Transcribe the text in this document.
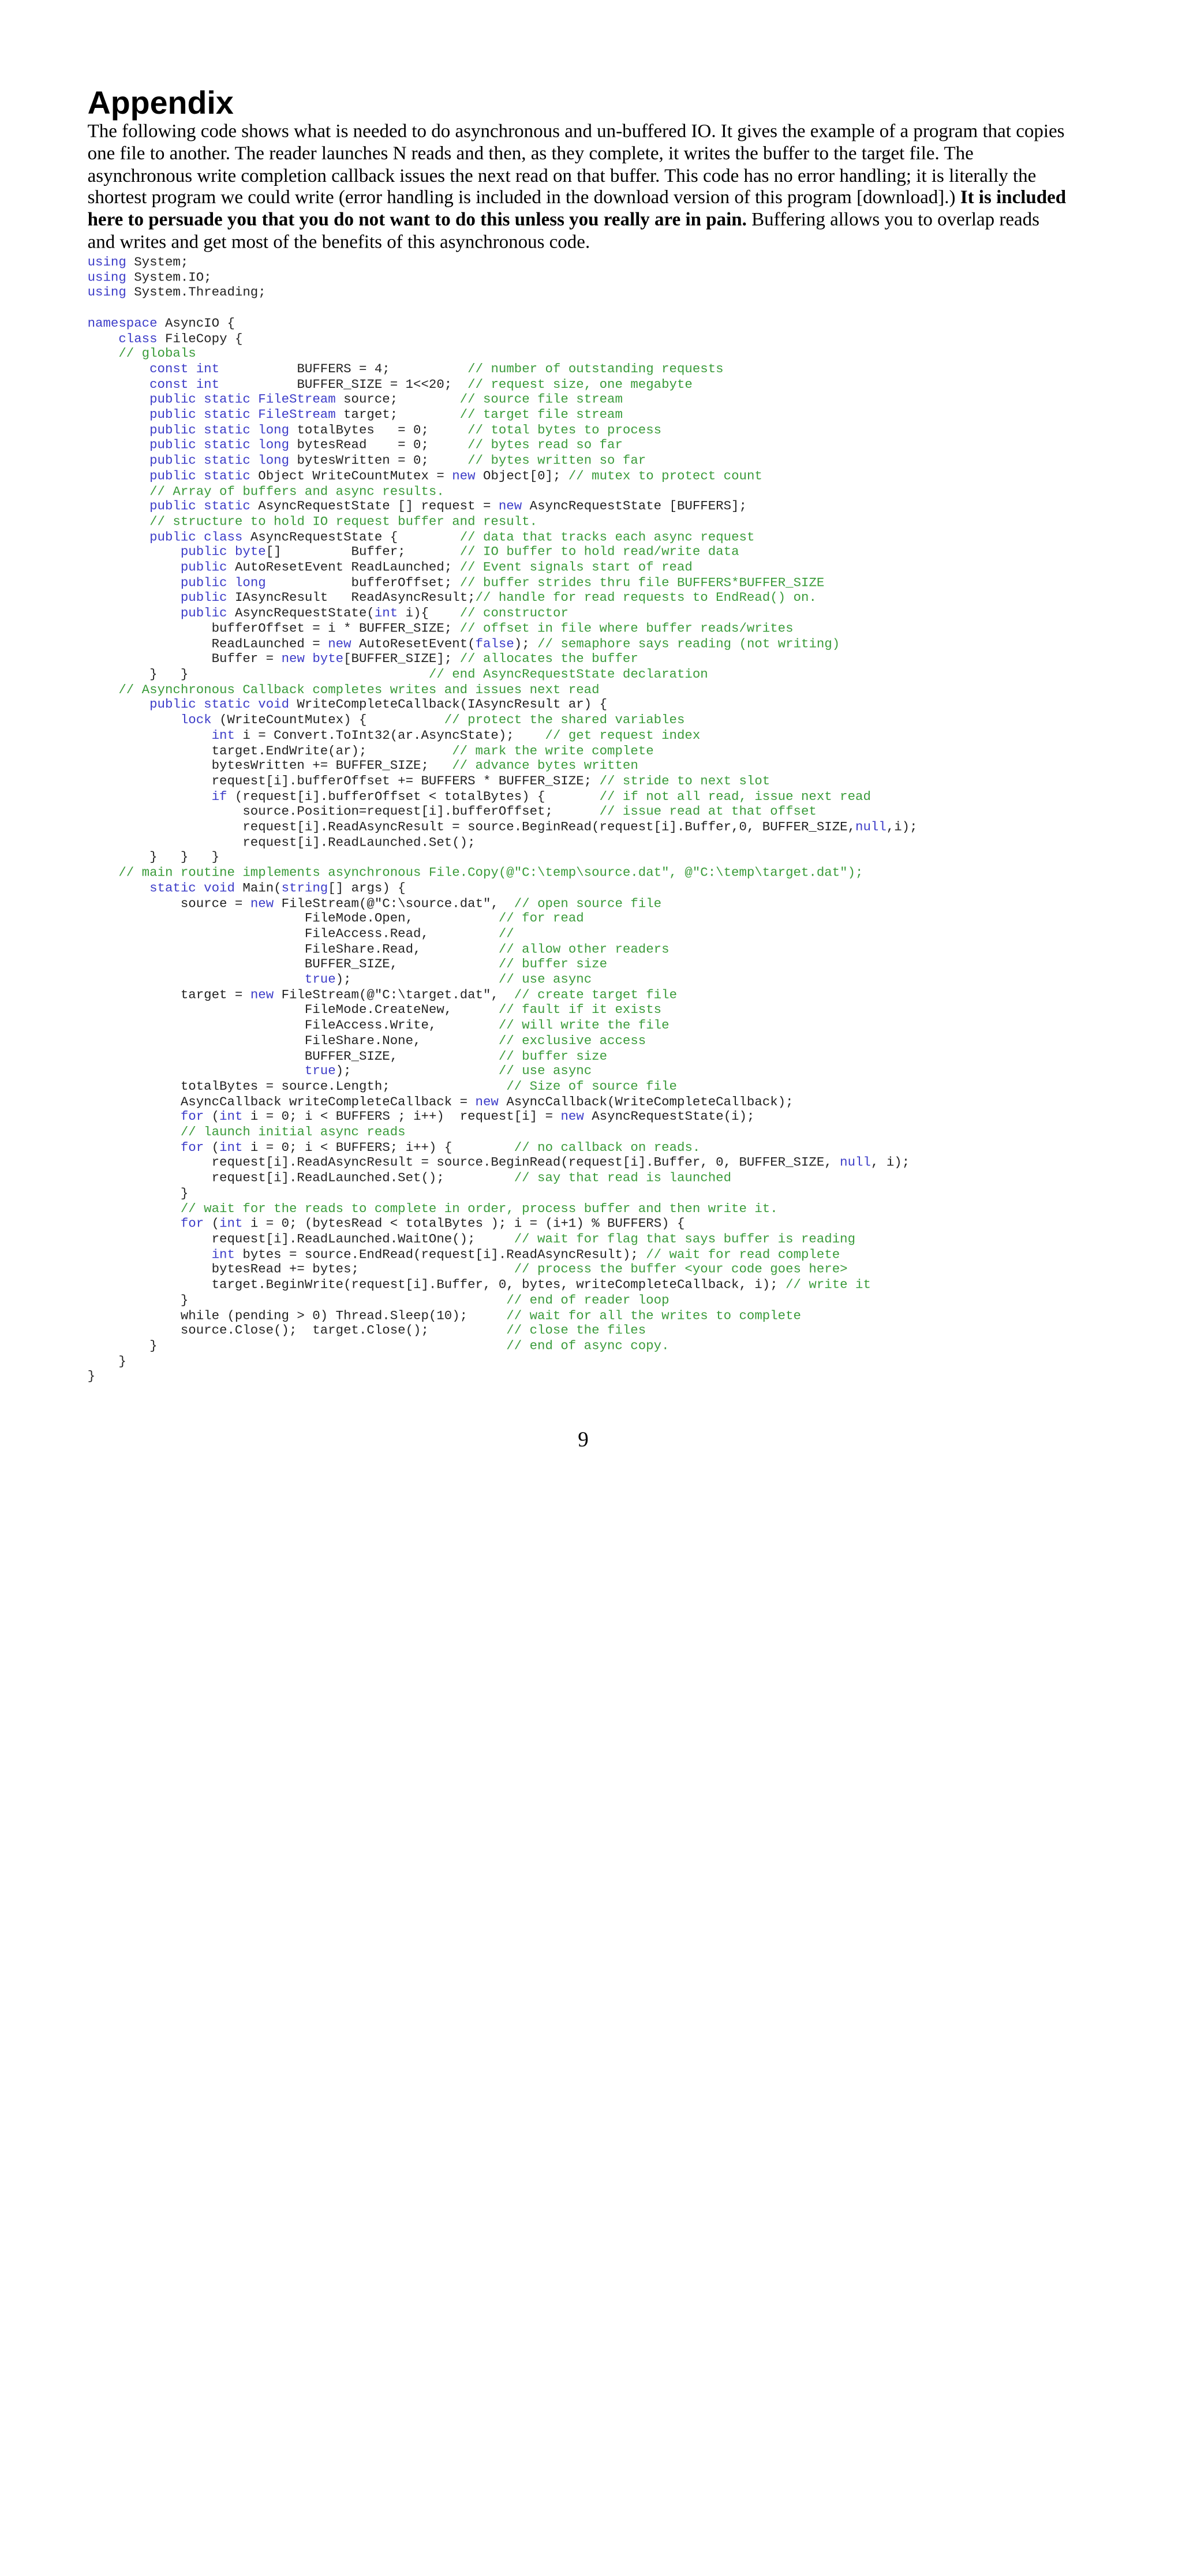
Appendix

The following code shows what is needed to do asynchronous and un-buffered IO. It gives the example of a program that copies one file to another. The reader launches N reads and then, as they complete, it writes the buffer to the target file. The asynchronous write completion callback issues the next read on that buffer. This code has no error handling; it is literally the shortest program we could write (error handling is included in the download version of this program [download].) It is included here to persuade you that you do not want to do this unless you really are in pain. Buffering allows you to overlap reads and writes and get most of the benefits of this asynchronous code.

using System;
using System.IO;
using System.Threading;

namespace AsyncIO {
class FileCopy {
// globals
const int          BUFFERS = 4;          // number of outstanding requests
const int          BUFFER_SIZE = 1<<20;  // request size, one megabyte
public static FileStream source;        // source file stream
public static FileStream target;        // target file stream
public static long totalBytes   = 0;     // total bytes to process
public static long bytesRead    = 0;     // bytes read so far
public static long bytesWritten = 0;     // bytes written so far
public static Object WriteCountMutex = new Object[0]; // mutex to protect count
// Array of buffers and async results.
public static AsyncRequestState [] request = new AsyncRequestState [BUFFERS];
// structure to hold IO request buffer and result.
public class AsyncRequestState {        // data that tracks each async request
public byte[]         Buffer;       // IO buffer to hold read/write data
public AutoResetEvent ReadLaunched; // Event signals start of read
public long           bufferOffset; // buffer strides thru file BUFFERS*BUFFER_SIZE
public IAsyncResult   ReadAsyncResult;// handle for read requests to EndRead() on.
public AsyncRequestState(int i){    // constructor
bufferOffset = i * BUFFER_SIZE; // offset in file where buffer reads/writes
ReadLaunched = new AutoResetEvent(false); // semaphore says reading (not writing)
Buffer = new byte[BUFFER_SIZE]; // allocates the buffer
}   }                               // end AsyncRequestState declaration
// Asynchronous Callback completes writes and issues next read
public static void WriteCompleteCallback(IAsyncResult ar) {
lock (WriteCountMutex) {          // protect the shared variables
int i = Convert.ToInt32(ar.AsyncState);    // get request index
target.EndWrite(ar);           // mark the write complete
bytesWritten += BUFFER_SIZE;   // advance bytes written
request[i].bufferOffset += BUFFERS * BUFFER_SIZE; // stride to next slot
if (request[i].bufferOffset < totalBytes) {       // if not all read, issue next read
source.Position=request[i].bufferOffset;      // issue read at that offset
request[i].ReadAsyncResult = source.BeginRead(request[i].Buffer,0, BUFFER_SIZE,null,i);
request[i].ReadLaunched.Set();
}   }   }
// main routine implements asynchronous File.Copy(@"C:\temp\source.dat", @"C:\temp\target.dat");
static void Main(string[] args) {
source = new FileStream(@"C:\source.dat",  // open source file
FileMode.Open,           // for read
FileAccess.Read,         //
FileShare.Read,          // allow other readers
BUFFER_SIZE,             // buffer size
true);                   // use async
target = new FileStream(@"C:\target.dat",  // create target file
FileMode.CreateNew,      // fault if it exists
FileAccess.Write,        // will write the file
FileShare.None,          // exclusive access
BUFFER_SIZE,             // buffer size
true);                   // use async
totalBytes = source.Length;               // Size of source file
AsyncCallback writeCompleteCallback = new AsyncCallback(WriteCompleteCallback);
for (int i = 0; i < BUFFERS ; i++)  request[i] = new AsyncRequestState(i);
// launch initial async reads
for (int i = 0; i < BUFFERS; i++) {        // no callback on reads.
request[i].ReadAsyncResult = source.BeginRead(request[i].Buffer, 0, BUFFER_SIZE, null, i);
request[i].ReadLaunched.Set();         // say that read is launched
}
// wait for the reads to complete in order, process buffer and then write it.
for (int i = 0; (bytesRead < totalBytes ); i = (i+1) % BUFFERS) {
request[i].ReadLaunched.WaitOne();     // wait for flag that says buffer is reading
int bytes = source.EndRead(request[i].ReadAsyncResult); // wait for read complete
bytesRead += bytes;                    // process the buffer <your code goes here>
target.BeginWrite(request[i].Buffer, 0, bytes, writeCompleteCallback, i); // write it
}                                         // end of reader loop
while (pending > 0) Thread.Sleep(10);     // wait for all the writes to complete
source.Close();  target.Close();          // close the files
}                                             // end of async copy.
}
}

9
